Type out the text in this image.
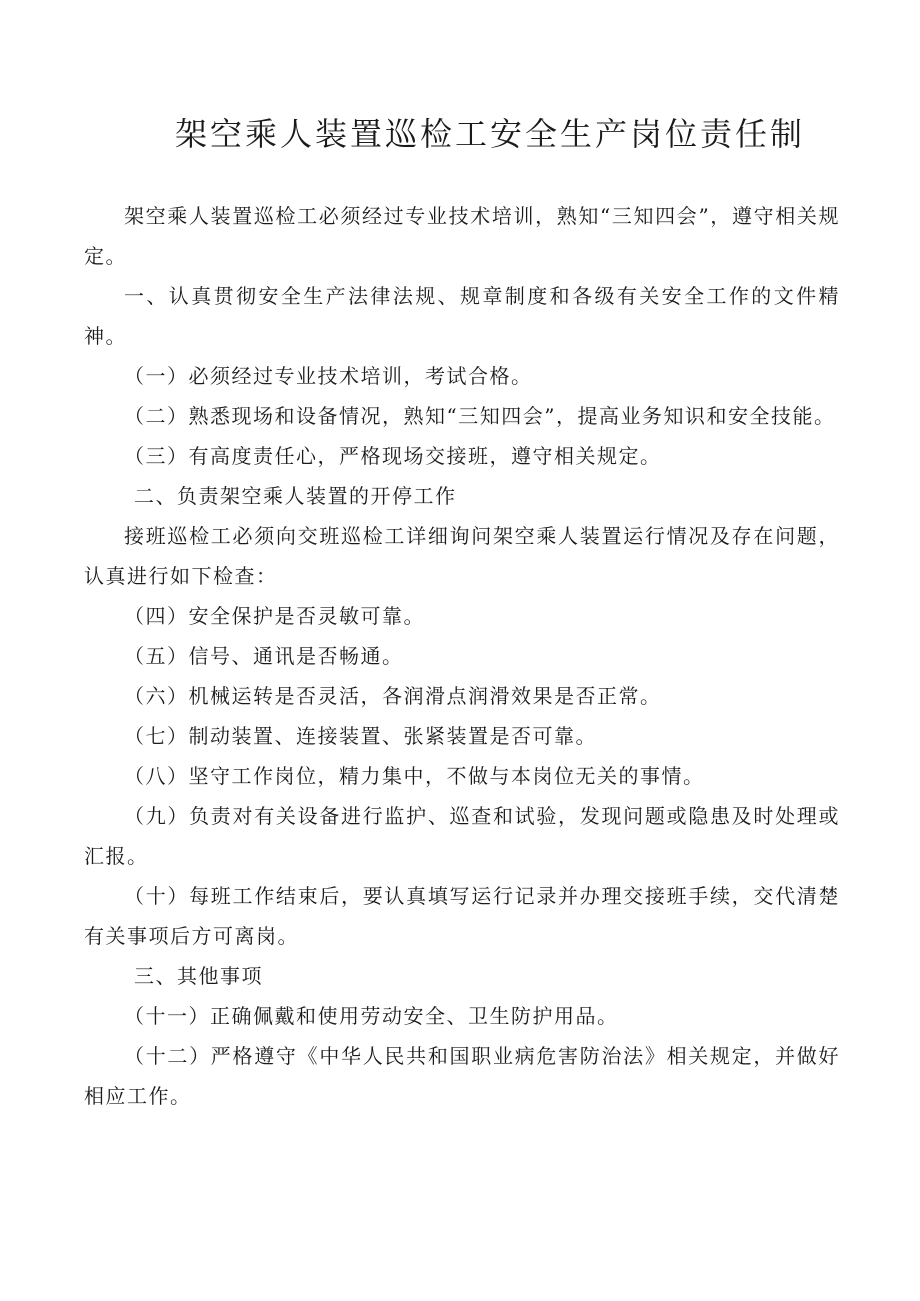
架空乘人装置巡检工安全生产岗位责任制

架空乘人装置巡检工必须经过专业技术培训，熟知“三知四会”，遵守相关规定。

一、认真贯彻安全生产法律法规、规章制度和各级有关安全工作的文件精神。

（一）必须经过专业技术培训，考试合格。

（二）熟悉现场和设备情况，熟知“三知四会”，提高业务知识和安全技能。

（三）有高度责任心，严格现场交接班，遵守相关规定。

二、负责架空乘人装置的开停工作

接班巡检工必须向交班巡检工详细询问架空乘人装置运行情况及存在问题，认真进行如下检查：

（四）安全保护是否灵敏可靠。

（五）信号、通讯是否畅通。

（六）机械运转是否灵活，各润滑点润滑效果是否正常。

（七）制动装置、连接装置、张紧装置是否可靠。

（八）坚守工作岗位，精力集中，不做与本岗位无关的事情。

（九）负责对有关设备进行监护、巡查和试验，发现问题或隐患及时处理或汇报。

（十）每班工作结束后，要认真填写运行记录并办理交接班手续，交代清楚有关事项后方可离岗。

三、其他事项

（十一）正确佩戴和使用劳动安全、卫生防护用品。

（十二）严格遵守《中华人民共和国职业病危害防治法》相关规定，并做好相应工作。
